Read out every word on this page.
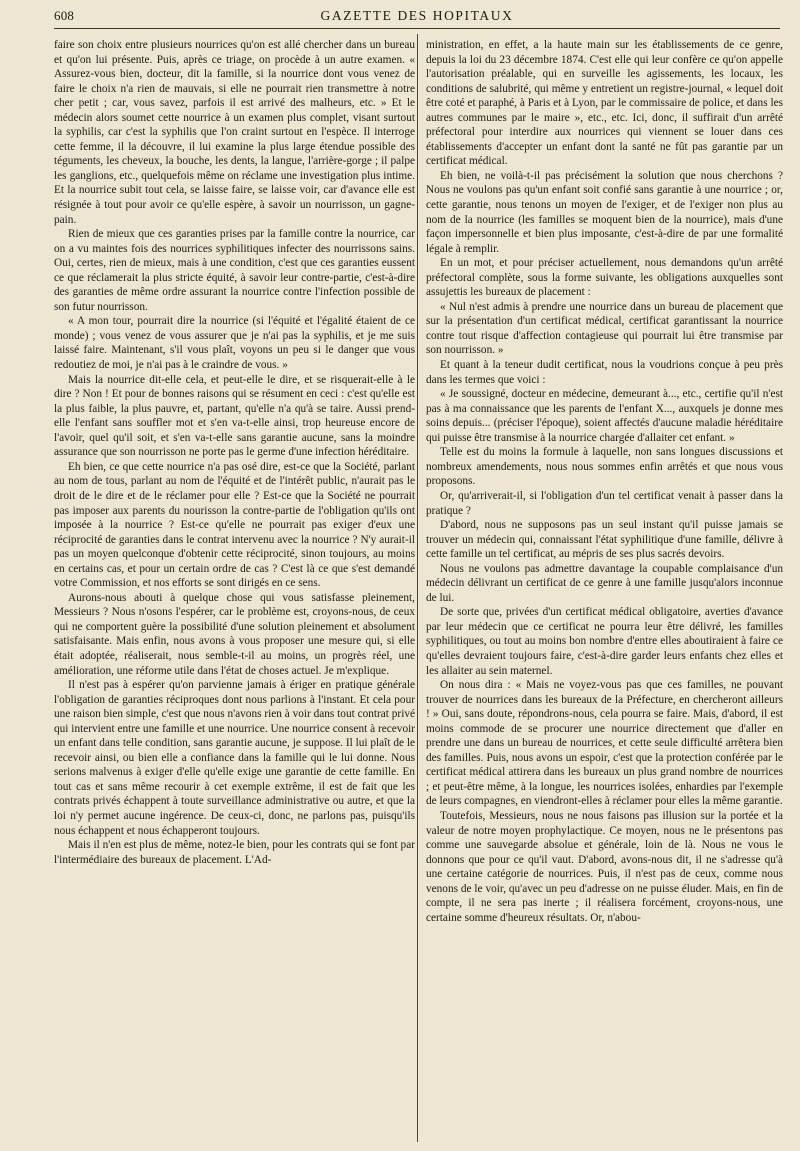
608	GAZETTE DES HOPITAUX

faire son choix entre plusieurs nourrices qu'on est allé chercher dans un bureau et qu'on lui présente. Puis, après ce triage, on procède à un autre examen. « Assurez-vous bien, docteur, dit la famille, si la nourrice dont vous venez de faire le choix n'a rien de mauvais, si elle ne pourrait rien transmettre à notre cher petit ; car, vous savez, parfois il est arrivé des malheurs, etc. » Et le médecin alors soumet cette nourrice à un examen plus complet, visant surtout la syphilis, car c'est la syphilis que l'on craint surtout en l'espèce. Il interroge cette femme, il la découvre, il lui examine la plus large étendue possible des téguments, les cheveux, la bouche, les dents, la langue, l'arrière-gorge ; il palpe les ganglions, etc., quelquefois même on réclame une investigation plus intime. Et la nourrice subit tout cela, se laisse faire, se laisse voir, car d'avance elle est résignée à tout pour avoir ce qu'elle espère, à savoir un nourrisson, un gagne-pain.

Rien de mieux que ces garanties prises par la famille contre la nourrice, car on a vu maintes fois des nourrices syphilitiques infecter des nourrissons sains. Oui, certes, rien de mieux, mais à une condition, c'est que ces garanties eussent ce que réclamerait la plus stricte équité, à savoir leur contre-partie, c'est-à-dire des garanties de même ordre assurant la nourrice contre l'infection possible de son futur nourrisson.

« A mon tour, pourrait dire la nourrice (si l'équité et l'égalité étaient de ce monde) ; vous venez de vous assurer que je n'ai pas la syphilis, et je me suis laissé faire. Maintenant, s'il vous plaît, voyons un peu si le danger que vous redoutiez de moi, je n'ai pas à le craindre de vous. »

Mais la nourrice dit-elle cela, et peut-elle le dire, et se risquerait-elle à le dire ? Non ! Et pour de bonnes raisons qui se résument en ceci : c'est qu'elle est la plus faible, la plus pauvre, et, partant, qu'elle n'a qu'à se taire. Aussi prend-elle l'enfant sans souffler mot et s'en va-t-elle ainsi, trop heureuse encore de l'avoir, quel qu'il soit, et s'en va-t-elle sans garantie aucune, sans la moindre assurance que son nourrisson ne porte pas le germe d'une infection héréditaire.

Eh bien, ce que cette nourrice n'a pas osé dire, est-ce que la Société, parlant au nom de tous, parlant au nom de l'équité et de l'intérêt public, n'aurait pas le droit de le dire et de le réclamer pour elle ? Est-ce que la Société ne pourrait pas imposer aux parents du nourisson la contre-partie de l'obligation qu'ils ont imposée à la nourrice ? Est-ce qu'elle ne pourrait pas exiger d'eux une réciprocité de garanties dans le contrat intervenu avec la nourrice ? N'y aurait-il pas un moyen quelconque d'obtenir cette réciprocité, sinon toujours, au moins en certains cas, et pour un certain ordre de cas ? C'est là ce que s'est demandé votre Commission, et nos efforts se sont dirigés en ce sens.

Aurons-nous abouti à quelque chose qui vous satisfasse pleinement, Messieurs ? Nous n'osons l'espérer, car le problème est, croyons-nous, de ceux qui ne comportent guère la possibilité d'une solution pleinement et absolument satisfaisante. Mais enfin, nous avons à vous proposer une mesure qui, si elle était adoptée, réaliserait, nous semble-t-il au moins, un progrès réel, une amélioration, une réforme utile dans l'état de choses actuel. Je m'explique.

Il n'est pas à espérer qu'on parvienne jamais à ériger en pratique générale l'obligation de garanties réciproques dont nous parlions à l'instant. Et cela pour une raison bien simple, c'est que nous n'avons rien à voir dans tout contrat privé qui intervient entre une famille et une nourrice. Une nourrice consent à recevoir un enfant dans telle condition, sans garantie aucune, je suppose. Il lui plaît de le recevoir ainsi, ou bien elle a confiance dans la famille qui le lui donne. Nous serions malvenus à exiger d'elle qu'elle exige une garantie de cette famille. En tout cas et sans même recourir à cet exemple extrême, il est de fait que les contrats privés échappent à toute surveillance administrative ou autre, et que la loi n'y permet aucune ingérence. De ceux-ci, donc, ne parlons pas, puisqu'ils nous échappent et nous échapperont toujours.

Mais il n'en est plus de même, notez-le bien, pour les contrats qui se font par l'intermédiaire des bureaux de placement. L'Ad-

ministration, en effet, a la haute main sur les établissements de ce genre, depuis la loi du 23 décembre 1874. C'est elle qui leur confère ce qu'on appelle l'autorisation préalable, qui en surveille les agissements, les locaux, les conditions de salubrité, qui même y entretient un registre-journal, « lequel doit être coté et paraphé, à Paris et à Lyon, par le commissaire de police, et dans les autres communes par le maire », etc., etc. Ici, donc, il suffirait d'un arrêté préfectoral pour interdire aux nourrices qui viennent se louer dans ces établissements d'accepter un enfant dont la santé ne fût pas garantie par un certificat médical.

Eh bien, ne voilà-t-il pas précisément la solution que nous cherchons ? Nous ne voulons pas qu'un enfant soit confié sans garantie à une nourrice ; or, cette garantie, nous tenons un moyen de l'exiger, et de l'exiger non plus au nom de la nourrice (les familles se moquent bien de la nourrice), mais d'une façon impersonnelle et bien plus imposante, c'est-à-dire de par une formalité légale à remplir.

En un mot, et pour préciser actuellement, nous demandons qu'un arrêté préfectoral complète, sous la forme suivante, les obligations auxquelles sont assujettis les bureaux de placement :

« Nul n'est admis à prendre une nourrice dans un bureau de placement que sur la présentation d'un certificat médical, certificat garantissant la nourrice contre tout risque d'affection contagieuse qui pourrait lui être transmise par son nourrisson. »

Et quant à la teneur dudit certificat, nous la voudrions conçue à peu près dans les termes que voici :

« Je soussigné, docteur en médecine, demeurant à..., etc., certifie qu'il n'est pas à ma connaissance que les parents de l'enfant X..., auxquels je donne mes soins depuis... (préciser l'époque), soient affectés d'aucune maladie héréditaire qui puisse être transmise à la nourrice chargée d'allaiter cet enfant. »

Telle est du moins la formule à laquelle, non sans longues discussions et nombreux amendements, nous nous sommes enfin arrêtés et que nous vous proposons.

Or, qu'arriverait-il, si l'obligation d'un tel certificat venait à passer dans la pratique ?

D'abord, nous ne supposons pas un seul instant qu'il puisse jamais se trouver un médecin qui, connaissant l'état syphilitique d'une famille, délivre à cette famille un tel certificat, au mépris de ses plus sacrés devoirs.

Nous ne voulons pas admettre davantage la coupable complaisance d'un médecin délivrant un certificat de ce genre à une famille jusqu'alors inconnue de lui.

De sorte que, privées d'un certificat médical obligatoire, averties d'avance par leur médecin que ce certificat ne pourra leur être délivré, les familles syphilitiques, ou tout au moins bon nombre d'entre elles aboutiraient à faire ce qu'elles devraient toujours faire, c'est-à-dire garder leurs enfants chez elles et les allaiter au sein maternel.

On nous dira : « Mais ne voyez-vous pas que ces familles, ne pouvant trouver de nourrices dans les bureaux de la Préfecture, en chercheront ailleurs ! » Oui, sans doute, répondrons-nous, cela pourra se faire. Mais, d'abord, il est moins commode de se procurer une nourrice directement que d'aller en prendre une dans un bureau de nourrices, et cette seule difficulté arrêtera bien des familles. Puis, nous avons un espoir, c'est que la protection conférée par le certificat médical attirera dans les bureaux un plus grand nombre de nourrices ; et peut-être même, à la longue, les nourrices isolées, enhardies par l'exemple de leurs compagnes, en viendront-elles à réclamer pour elles la même garantie.

Toutefois, Messieurs, nous ne nous faisons pas illusion sur la portée et la valeur de notre moyen prophylactique. Ce moyen, nous ne le présentons pas comme une sauvegarde absolue et générale, loin de là. Nous ne vous le donnons que pour ce qu'il vaut. D'abord, avons-nous dit, il ne s'adresse qu'à une certaine catégorie de nourrices. Puis, il n'est pas de ceux, comme nous venons de le voir, qu'avec un peu d'adresse on ne puisse éluder. Mais, en fin de compte, il ne sera pas inerte ; il réalisera forcément, croyons-nous, une certaine somme d'heureux résultats. Or, n'abou-
